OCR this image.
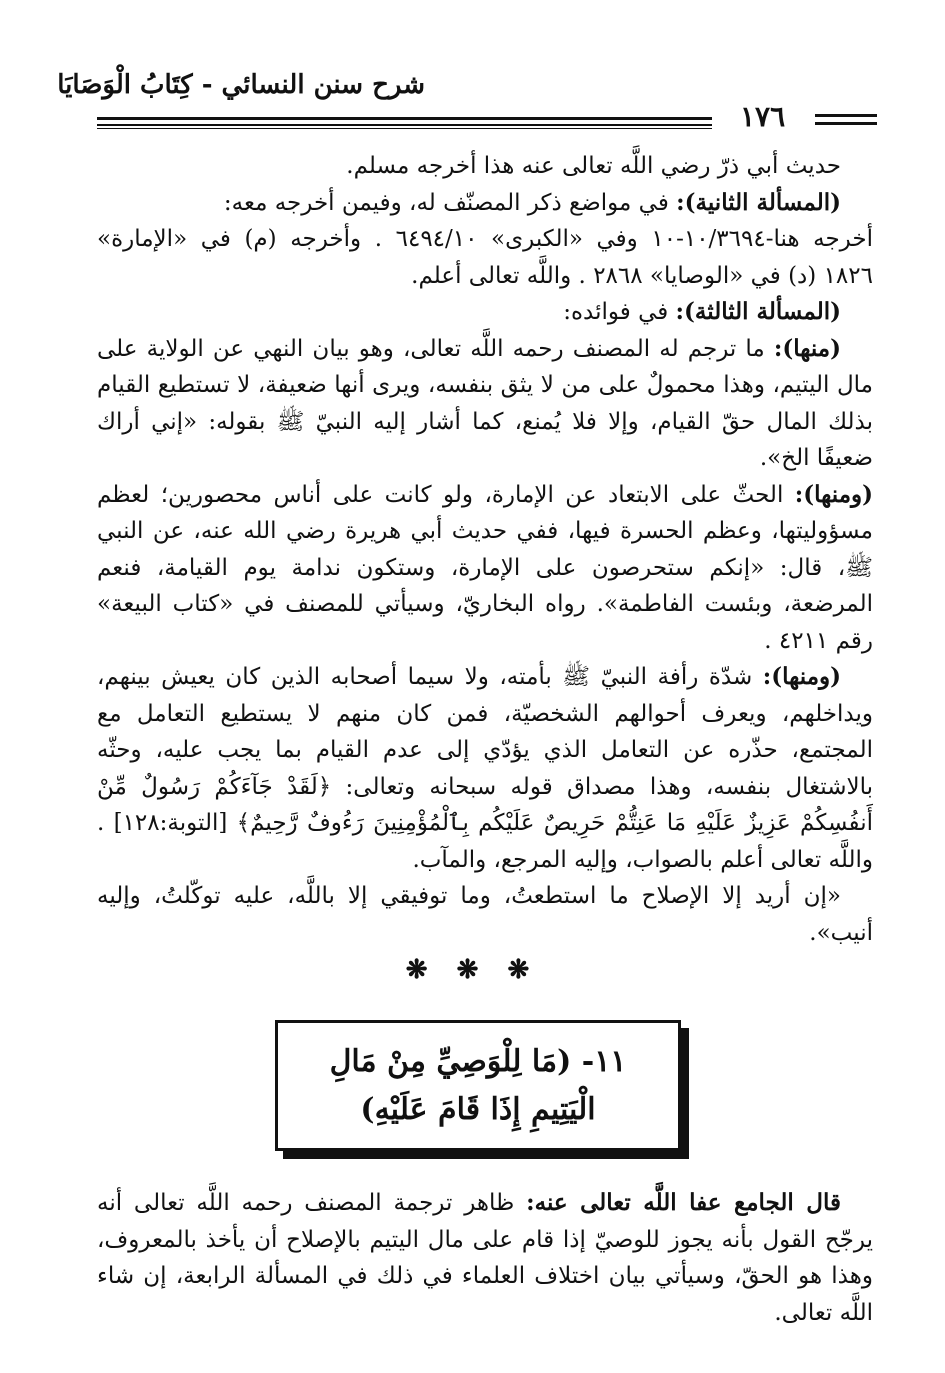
شرح سنن النسائي - كِتَابُ الْوَصَايَا
١٧٦

حديث أبي ذرّ رضي اللَّه تعالى عنه هذا أخرجه مسلم.

(المسألة الثانية): في مواضع ذكر المصنّف له، وفيمن أخرجه معه:

أخرجه هنا-١٠/٣٦٩٤-١٠ وفي «الكبرى» ٦٤٩٤/١٠ . وأخرجه (م) في «الإمارة» ١٨٢٦ (د) في «الوصايا» ٢٨٦٨ . واللَّه تعالى أعلم.

(المسألة الثالثة): في فوائده:

(منها): ما ترجم له المصنف رحمه اللَّه تعالى، وهو بيان النهي عن الولاية على مال اليتيم، وهذا محمولٌ على من لا يثق بنفسه، ويرى أنها ضعيفة، لا تستطيع القيام بذلك المال حقّ القيام، وإلا فلا يُمنع، كما أشار إليه النبيّ ﷺ بقوله: «إني أراك ضعيفًا الخ».

(ومنها): الحثّ على الابتعاد عن الإمارة، ولو كانت على أناس محصورين؛ لعظم مسؤوليتها، وعظم الحسرة فيها، ففي حديث أبي هريرة رضي الله عنه، عن النبي ﷺ، قال: «إنكم ستحرصون على الإمارة، وستكون ندامة يوم القيامة، فنعم المرضعة، وبئست الفاطمة». رواه البخاريّ، وسيأتي للمصنف في «كتاب البيعة» رقم ٤٢١١ .

(ومنها): شدّة رأفة النبيّ ﷺ بأمته، ولا سيما أصحابه الذين كان يعيش بينهم، ويداخلهم، ويعرف أحوالهم الشخصيّة، فمن كان منهم لا يستطيع التعامل مع المجتمع، حذّره عن التعامل الذي يؤدّي إلى عدم القيام بما يجب عليه، وحثّه بالاشتغال بنفسه، وهذا مصداق قوله سبحانه وتعالى: ﴿لَقَدْ جَآءَكُمْ رَسُولٌ مِّنْ أَنفُسِكُمْ عَزِيزٌ عَلَيْهِ مَا عَنِتُّمْ حَرِيصٌ عَلَيْكُم بِٱلْمُؤْمِنِينَ رَءُوفٌ رَّحِيمٌ﴾ [التوبة:١٢٨] . واللَّه تعالى أعلم بالصواب، وإليه المرجع، والمآب.

«إن أريد إلا الإصلاح ما استطعتُ، وما توفيقي إلا باللَّه، عليه توكّلتُ، وإليه أنيب».

❋ ❋ ❋
١١- (مَا لِلْوَصِيِّ مِنْ مَالِ الْيَتِيمِ إِذَا قَامَ عَلَيْهِ)

قال الجامع عفا اللَّه تعالى عنه: ظاهر ترجمة المصنف رحمه اللَّه تعالى أنه يرجّح القول بأنه يجوز للوصيّ إذا قام على مال اليتيم بالإصلاح أن يأخذ بالمعروف، وهذا هو الحقّ، وسيأتي بيان اختلاف العلماء في ذلك في المسألة الرابعة، إن شاء اللَّه تعالى.
